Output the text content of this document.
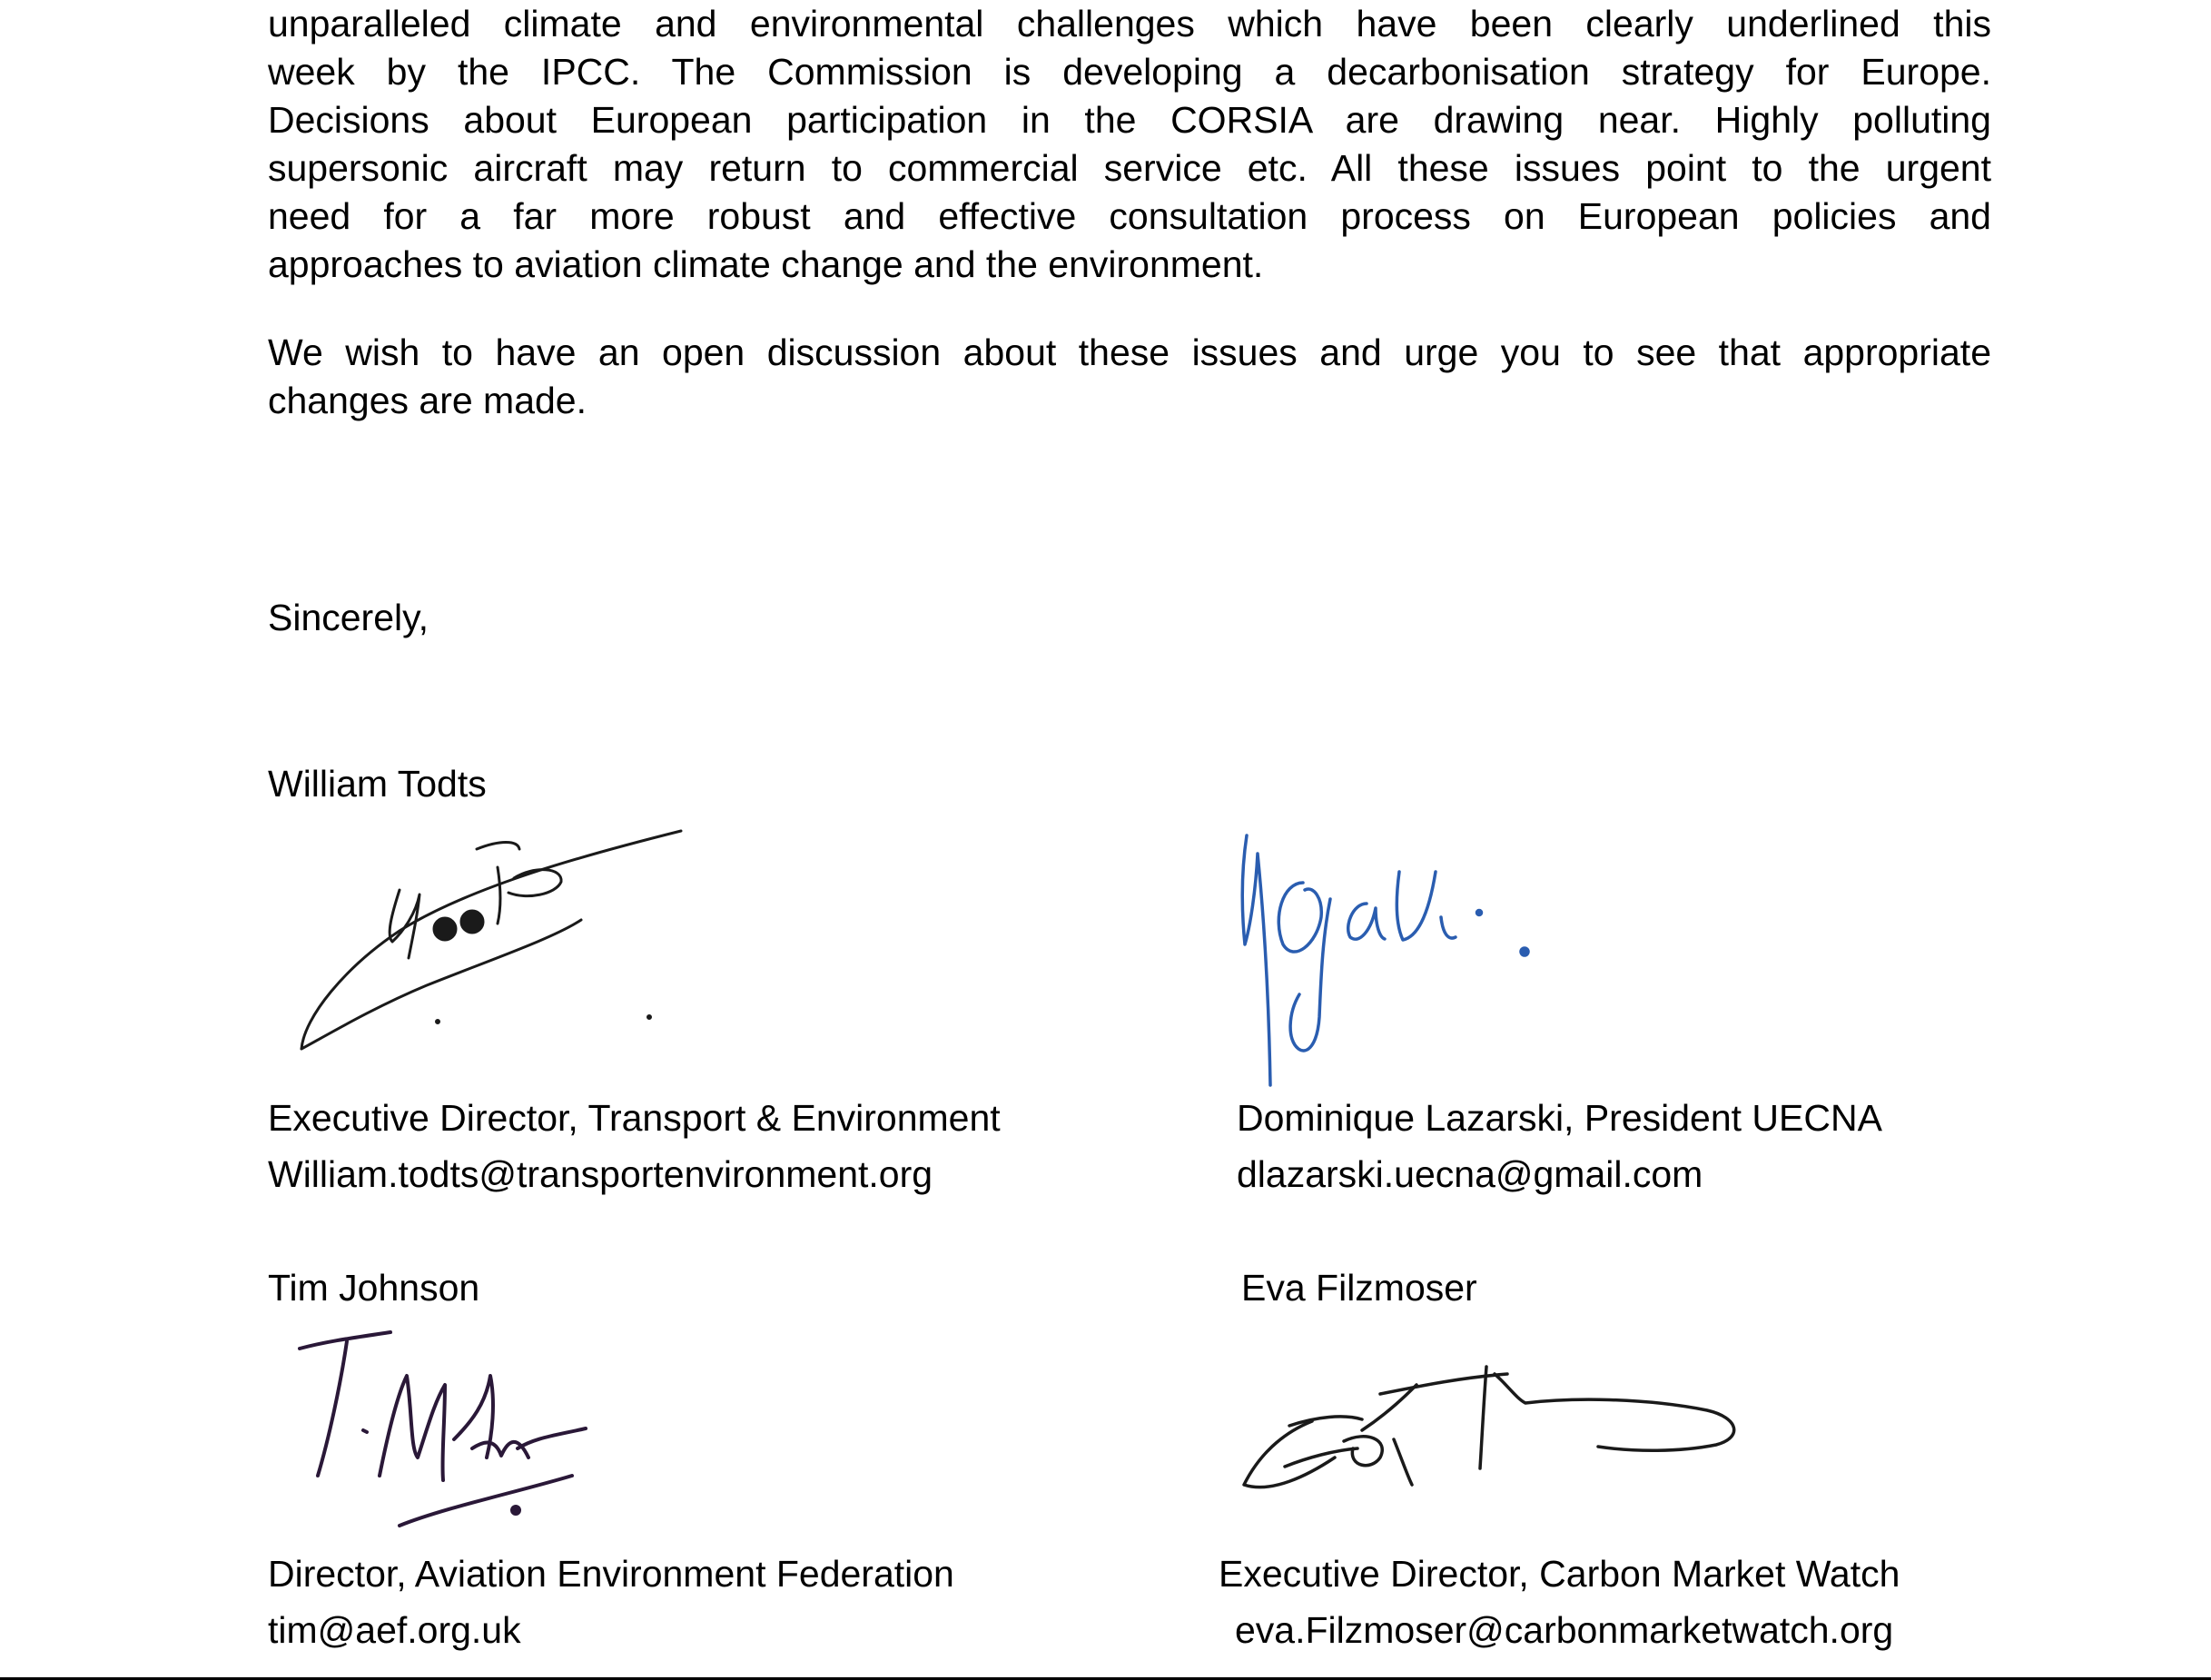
unparalleled climate and environmental challenges which have been clearly underlined this
week by the IPCC. The Commission is developing a decarbonisation strategy for Europe.
Decisions about European participation in the CORSIA are drawing near. Highly polluting
supersonic aircraft may return to commercial service etc. All these issues point to the urgent
need for a far more robust and effective consultation process on European policies and
approaches to aviation climate change and the environment.
We wish to have an open discussion about these issues and urge you to see that appropriate
changes are made.
Sincerely,
William Todts
Executive Director, Transport & Environment
William.todts@transportenvironment.org
Dominique Lazarski, President UECNA
dlazarski.uecna@gmail.com
Tim Johnson
Director, Aviation Environment Federation
tim@aef.org.uk
Eva Filzmoser
Executive Director, Carbon Market Watch
eva.Filzmoser@carbonmarketwatch.org
